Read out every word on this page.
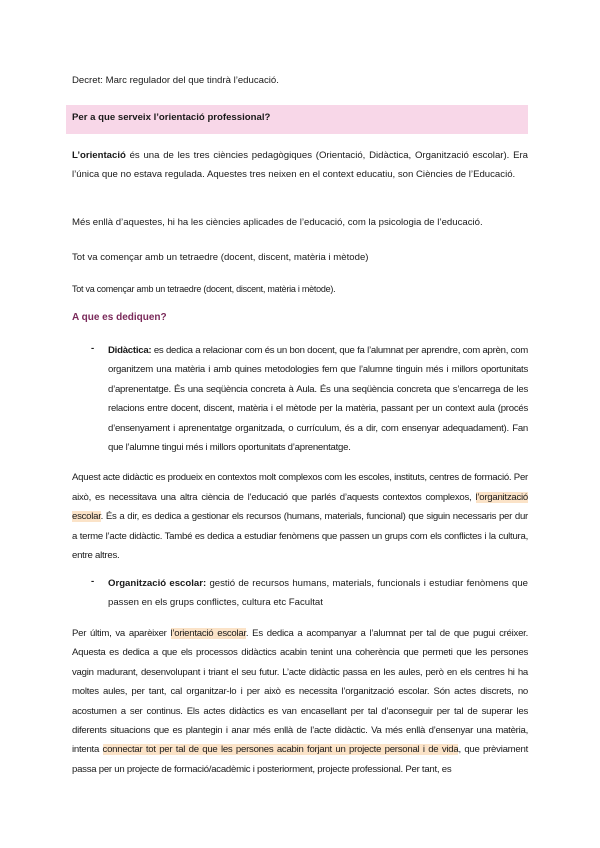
Decret: Marc regulador del que tindrà l’educació.

Per a que serveix l’orientació professional?

L’orientació és una de les tres ciències pedagògiques (Orientació, Didàctica, Organització escolar). Era l’única que no estava regulada. Aquestes tres neixen en el context educatiu, son Ciències de l’Educació.

Més enllà d’aquestes, hi ha les ciències aplicades de l’educació, com la psicologia de l’educació.

Tot va començar amb un tetraedre (docent, discent, matèria i mètode)

Tot va començar amb un tetraedre (docent, discent, matèria i mètode).

A que es dediquen?
- Didàctica: es dedica a relacionar com és un bon docent, que fa l’alumnat per aprendre, com aprèn, com organitzem una matèria i amb quines metodologies fem que l’alumne tinguin més i millors oportunitats d’aprenentatge. És una seqüència concreta à Aula. És una seqüència concreta que s’encarrega de les relacions entre docent, discent, matèria i el mètode per la matèria, passant per un context aula (procés d’ensenyament i aprenentatge organitzada, o currículum, és a dir, com ensenyar adequadament). Fan que l’alumne tingui més i millors oportunitats d’aprenentatge.

Aquest acte didàctic es produeix en contextos molt complexos com les escoles, instituts, centres de formació. Per això, es necessitava una altra ciència de l’educació que parlés d’aquests contextos complexos, l’organització escolar. És a dir, es dedica a gestionar els recursos (humans, materials, funcional) que siguin necessaris per dur a terme l’acte didàctic. També es dedica a estudiar fenòmens que passen un grups com els conflictes i la cultura, entre altres.

- Organització escolar: gestió de recursos humans, materials, funcionals i estudiar fenòmens que passen en els grups conflictes, cultura etc Facultat

Per últim, va aparèixer l’orientació escolar. Es dedica a acompanyar a l’alumnat per tal de que pugui créixer. Aquesta es dedica a que els processos didàctics acabin tenint una coherència que permeti que les persones vagin madurant, desenvolupant i triant el seu futur. L’acte didàctic passa en les aules, però en els centres hi ha moltes aules, per tant, cal organitzar-lo i per això es necessita l’organització escolar. Són actes discrets, no acostumen a ser continus. Els actes didàctics es van encasellant per tal d’aconseguir per tal de superar les diferents situacions que es plantegin i anar més enllà de l’acte didàctic. Va més enllà d’ensenyar una matèria, intenta connectar tot per tal de que les persones acabin forjant un projecte personal i de vida, que prèviament passa per un projecte de formació/acadèmic i posteriorment, projecte professional. Per tant, es
